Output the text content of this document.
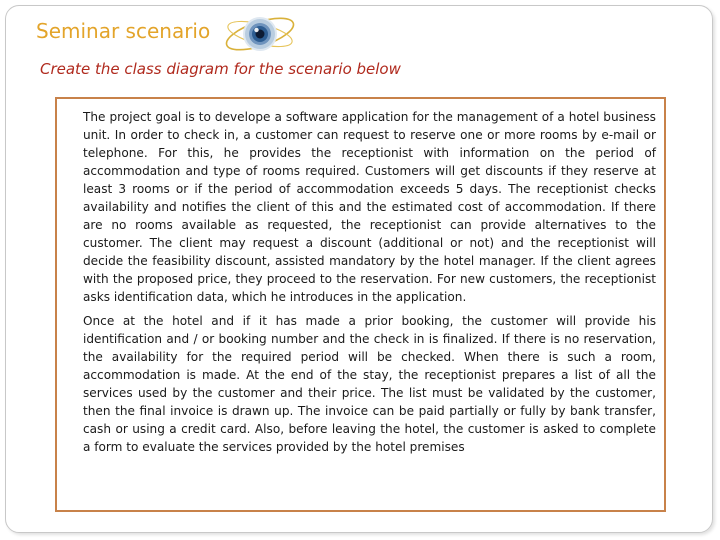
Seminar scenario
Create the class diagram for the scenario below

The project goal is to develope a software application for the management of a hotel business unit. In order to check in, a customer can request to reserve one or more rooms by e-mail or telephone. For this, he provides the receptionist with information on the period of accommodation and type of rooms required. Customers will get discounts if they reserve at least 3 rooms or if the period of accommodation exceeds 5 days. The receptionist checks availability and notifies the client of this and the estimated cost of accommodation. If there are no rooms available as requested, the receptionist can provide alternatives to the customer. The client may request a discount (additional or not) and the receptionist will decide the feasibility discount, assisted mandatory by the hotel manager. If the client agrees with the proposed price, they proceed to the reservation. For new customers, the receptionist asks identification data, which he introduces in the application.

Once at the hotel and if it has made a prior booking, the customer will provide his identification and / or booking number and the check in is finalized. If there is no reservation, the availability for the required period will be checked. When there is such a room, accommodation is made. At the end of the stay, the receptionist prepares a list of all the services used by the customer and their price. The list must be validated by the customer, then the final invoice is drawn up. The invoice can be paid partially or fully by bank transfer, cash or using a credit card. Also, before leaving the hotel, the customer is asked to complete a form to evaluate the services provided by the hotel premises
